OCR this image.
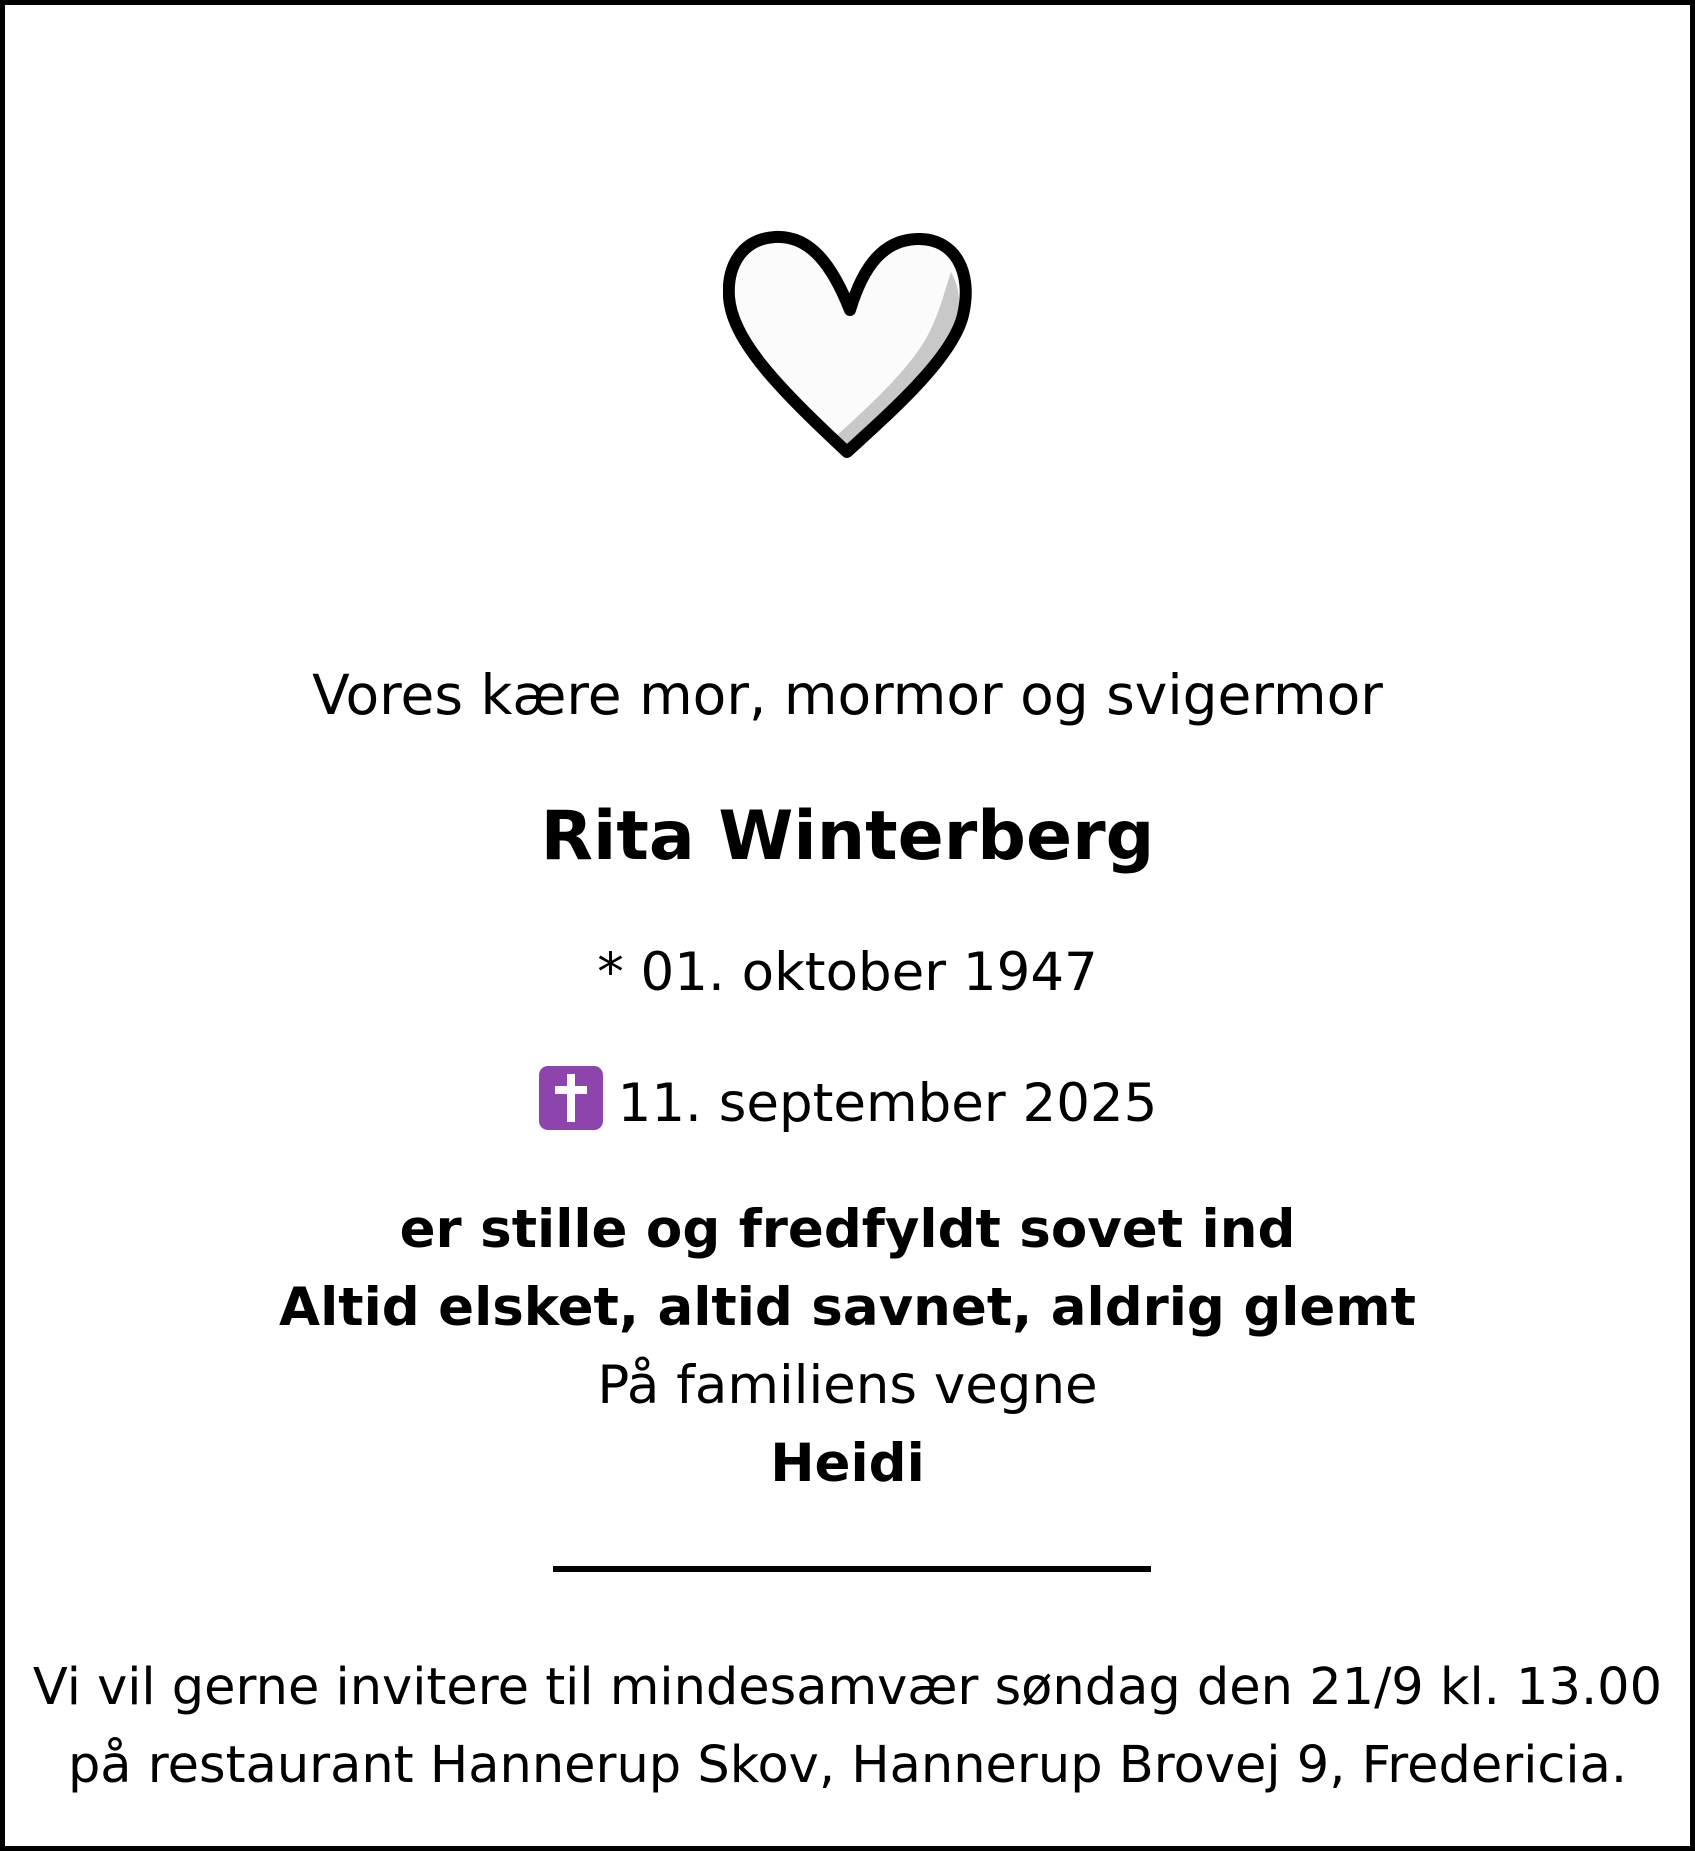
Vores kære mor, mormor og svigermor
Rita Winterberg
* 01. oktober 1947
11. september 2025
er stille og fredfyldt sovet ind
Altid elsket, altid savnet, aldrig glemt
På familiens vegne
Heidi
Vi vil gerne invitere til mindesamvær søndag den 21/9 kl. 13.00
på restaurant Hannerup Skov, Hannerup Brovej 9, Fredericia.
